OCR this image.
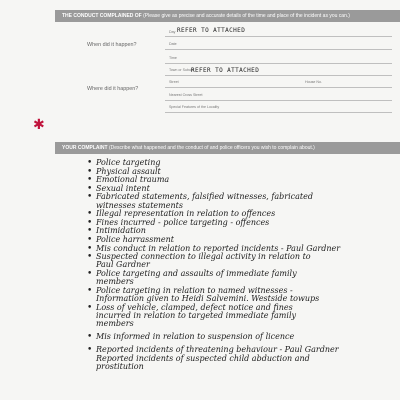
THE CONDUCT COMPLAINED OF (Please give as precise and accurate details of the time and place of the incident as you can.)
When did it happen?
Where did it happen?
Day REFER TO ATTACHED
Date
Time
Town or Suburb
REFER TO ATTACHED
Street	House No.
Nearest Cross Street
Special Features of the Locality
✱
YOUR COMPLAINT (Describe what happened and the conduct of and police officers you wish to complain about.)
• Police targeting
• Physical assault
• Emotional trauma
• Sexual intent
• Fabricated statements, falsified witnesses, fabricated
witnesses statements
• Illegal representation in relation to offences
• Fines incurred - police targeting - offences
• Intimidation
• Police harrassment
• Mis conduct in relation to reported incidents - Paul Gardner
• Suspected connection to illegal activity in relation to
Paul Gardner
• Police targeting and assaults of immediate family
members
• Police targeting in relation to named witnesses -
Information given to Heidi Salvemini. Westside towups
• Loss of vehicle, clamped, defect notice and fines
incurred in relation to targeted immediate family
members
• Mis informed in relation to suspension of licence
• Reported incidents of threatening behaviour - Paul Gardner
Reported incidents of suspected child abduction and
prostitution
